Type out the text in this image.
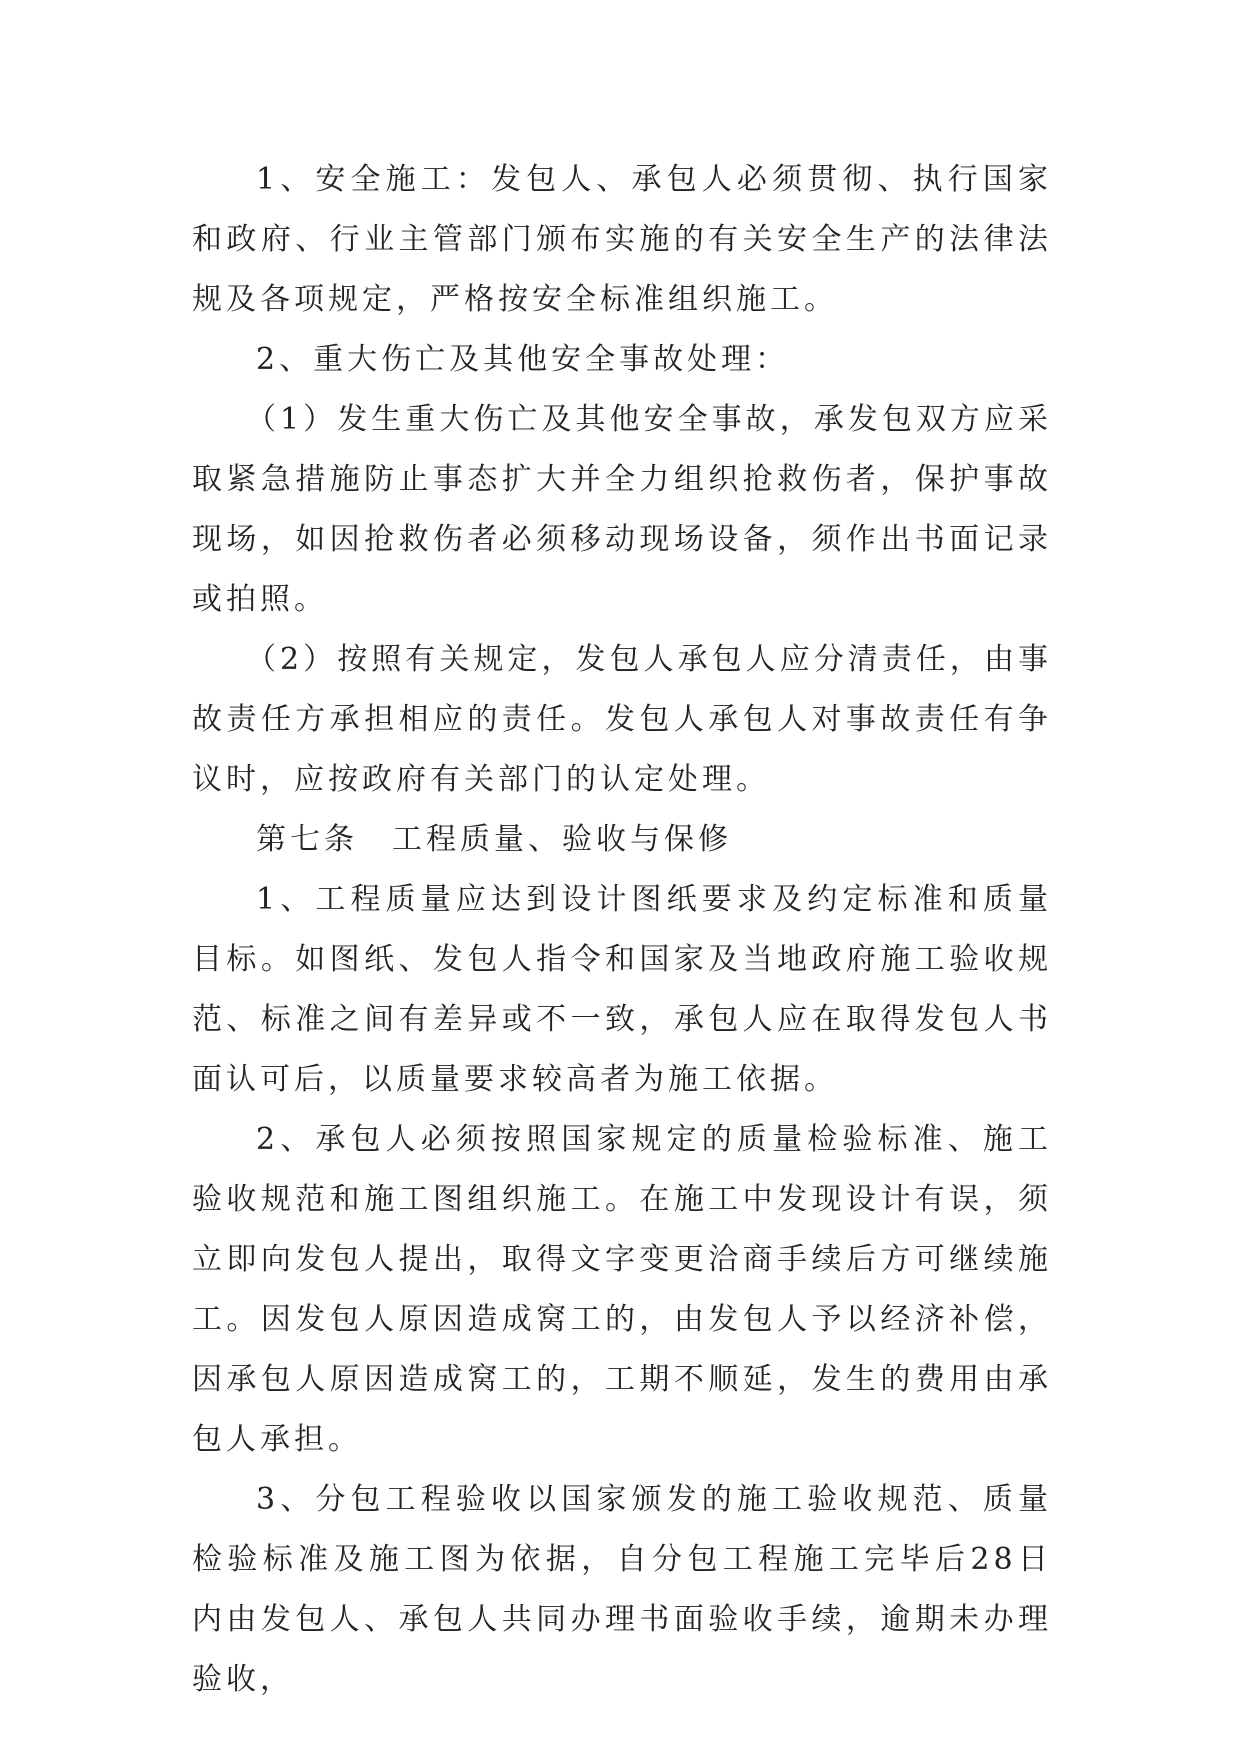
1、安全施工：发包人、承包人必须贯彻、执行国家和政府、行业主管部门颁布实施的有关安全生产的法律法规及各项规定，严格按安全标准组织施工。

2、重大伤亡及其他安全事故处理：

（1）发生重大伤亡及其他安全事故，承发包双方应采取紧急措施防止事态扩大并全力组织抢救伤者，保护事故现场，如因抢救伤者必须移动现场设备，须作出书面记录或拍照。

（2）按照有关规定，发包人承包人应分清责任，由事故责任方承担相应的责任。发包人承包人对事故责任有争议时，应按政府有关部门的认定处理。

第七条　工程质量、验收与保修

1、工程质量应达到设计图纸要求及约定标准和质量目标。如图纸、发包人指令和国家及当地政府施工验收规范、标准之间有差异或不一致，承包人应在取得发包人书面认可后，以质量要求较高者为施工依据。

2、承包人必须按照国家规定的质量检验标准、施工验收规范和施工图组织施工。在施工中发现设计有误，须立即向发包人提出，取得文字变更洽商手续后方可继续施工。因发包人原因造成窝工的，由发包人予以经济补偿，因承包人原因造成窝工的，工期不顺延，发生的费用由承包人承担。

3、分包工程验收以国家颁发的施工验收规范、质量检验标准及施工图为依据，自分包工程施工完毕后28日内由发包人、承包人共同办理书面验收手续，逾期未办理验收，
